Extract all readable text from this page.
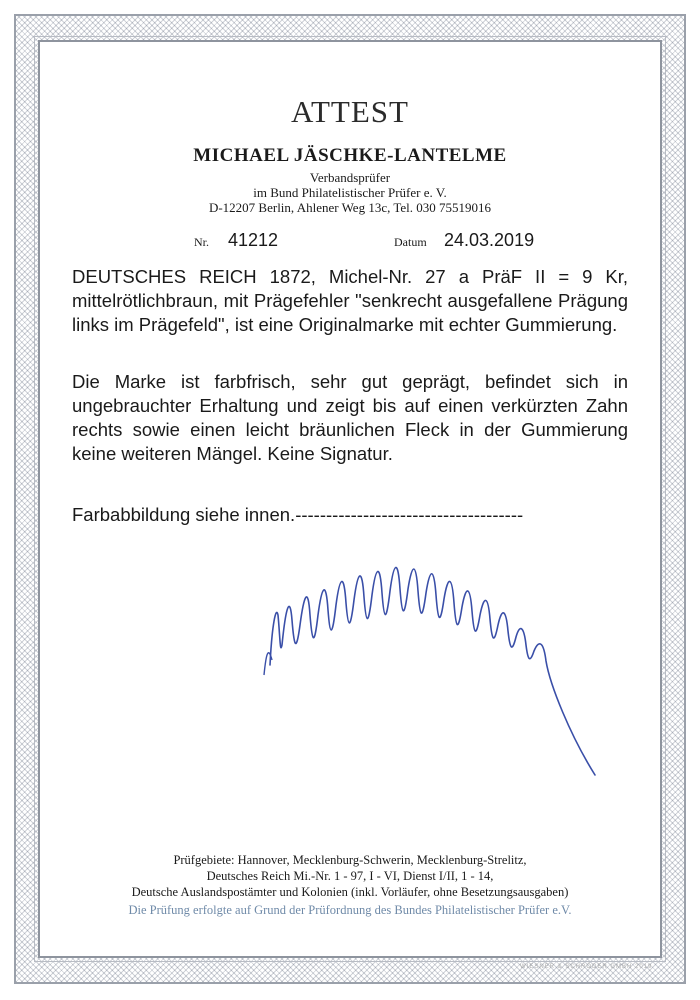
ATTEST
MICHAEL JÄSCHKE-LANTELME
Verbandsprüfer
im Bund Philatelistischer Prüfer e. V.
D-12207 Berlin, Ahlener Weg 13c, Tel. 030 75519016
Nr. 41212	Datum 24.03.2019
DEUTSCHES REICH 1872, Michel-Nr. 27 a PräF II = 9 Kr, mittelrötlichbraun, mit Prägefehler "senkrecht ausgefallene Prägung links im Prägefeld", ist eine Originalmarke mit echter Gummierung.
Die Marke ist farbfrisch, sehr gut geprägt, befindet sich in ungebrauchter Erhaltung und zeigt bis auf einen verkürzten Zahn rechts sowie einen leicht bräunlichen Fleck in der Gummierung keine weiteren Mängel. Keine Signatur.
Farbabbildung siehe innen.-------------------------------------
Prüfgebiete: Hannover, Mecklenburg-Schwerin, Mecklenburg-Strelitz,
Deutsches Reich Mi.-Nr. 1 - 97, I - VI, Dienst I/II, 1 - 14,
Deutsche Auslandspostämter und Kolonien (inkl. Vorläufer, ohne Besetzungsausgaben)
Die Prüfung erfolgte auf Grund der Prüfordnung des Bundes Philatelistischer Prüfer e.V.
WIESNER & SCHRÖDER GMBH 2019
